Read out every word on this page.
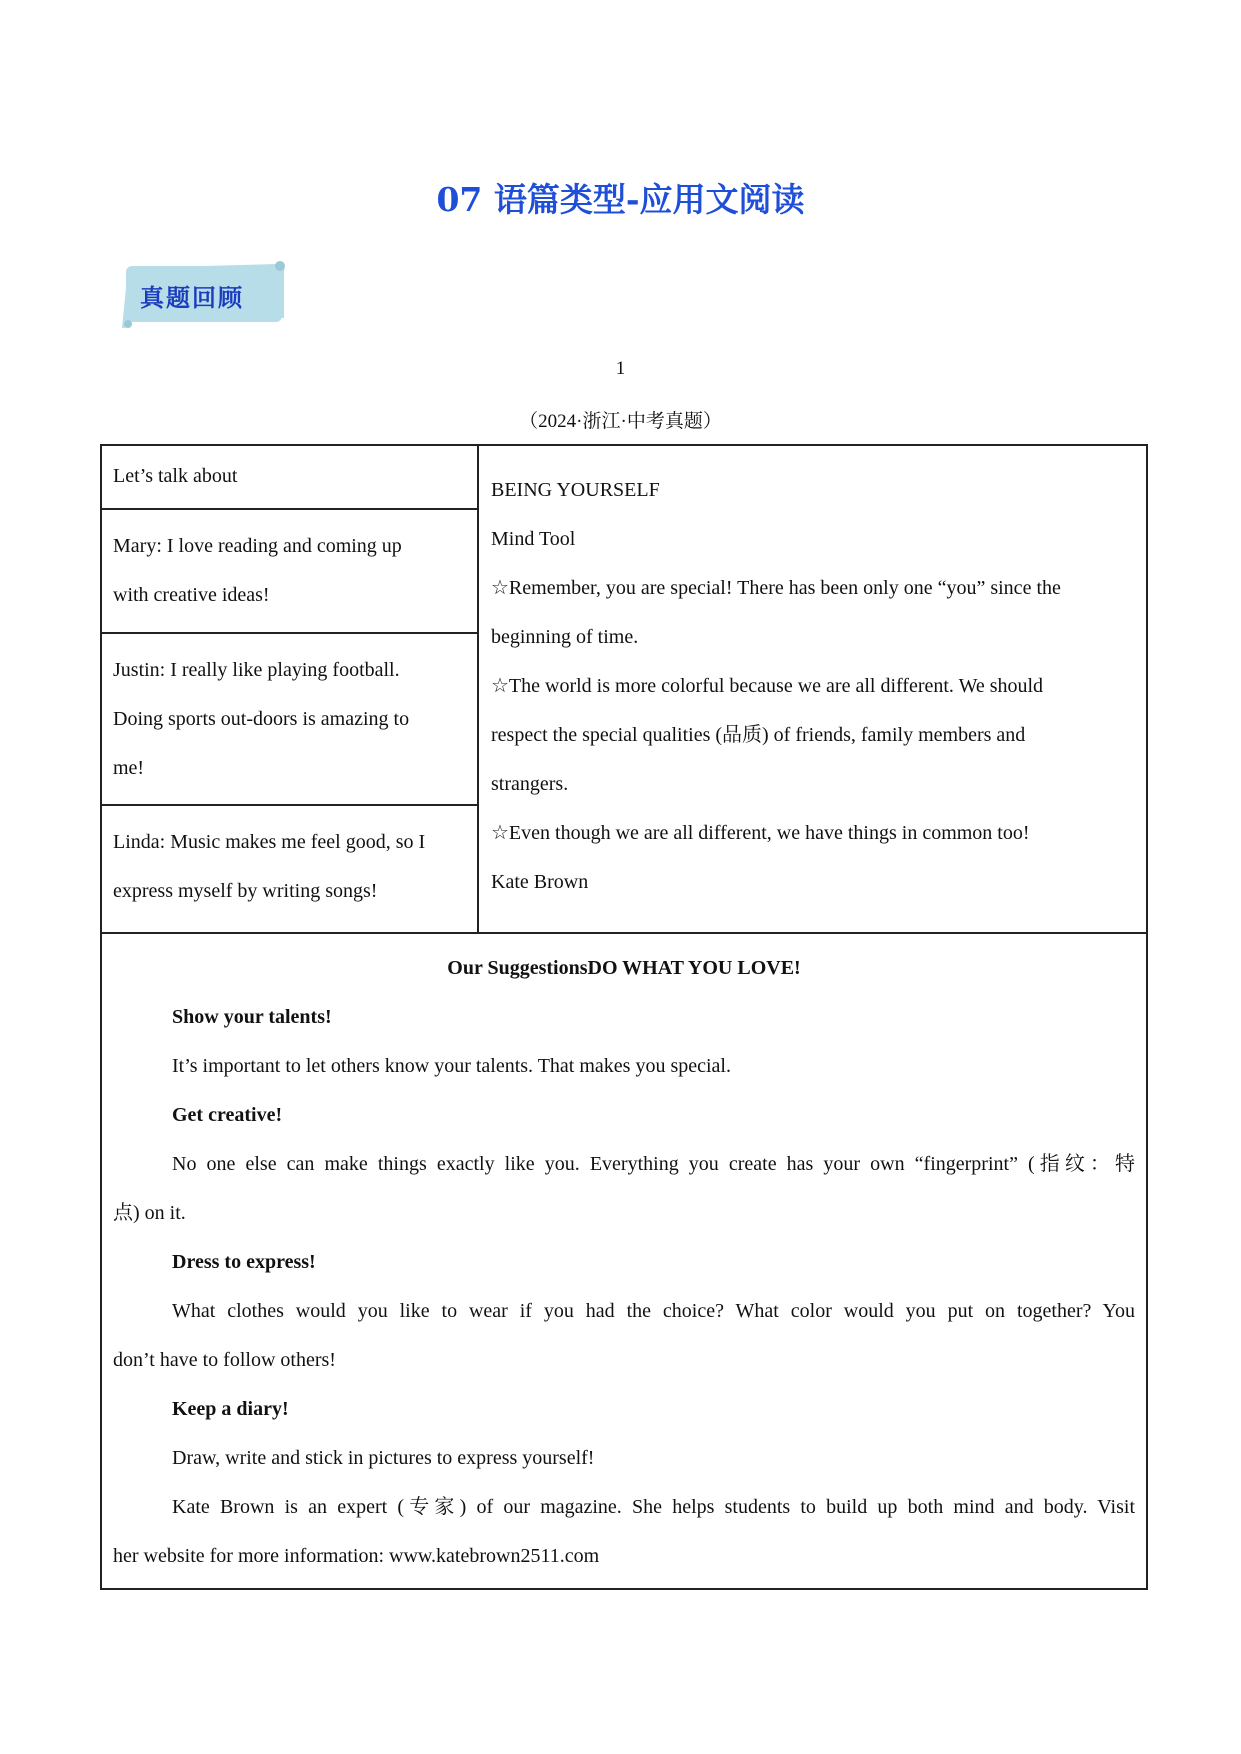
07 语篇类型-应用文阅读
真题回顾
1
（2024·浙江·中考真题）
Let’s talk about
Mary: I love reading and coming up
with creative ideas!
Justin: I really like playing football.
Doing sports out-doors is amazing to
me!
Linda: Music makes me feel good, so I
express myself by writing songs!
BEING YOURSELF
Mind Tool
☆Remember, you are special! There has been only one “you” since the
beginning of time.
☆The world is more colorful because we are all different. We should
respect the special qualities (品质) of friends, family members and
strangers.
☆Even though we are all different, we have things in common too!
Kate Brown
Our SuggestionsDO WHAT YOU LOVE!
Show your talents!
It’s important to let others know your talents. That makes you special.
Get creative!
No one else can make things exactly like you. Everything you create has your own “fingerprint” (指纹：特
点) on it.
Dress to express!
What clothes would you like to wear if you had the choice? What color would you put on together? You
don’t have to follow others!
Keep a diary!
Draw, write and stick in pictures to express yourself!
Kate Brown is an expert (专家) of our magazine. She helps students to build up both mind and body. Visit
her website for more information: www.katebrown2511.com
